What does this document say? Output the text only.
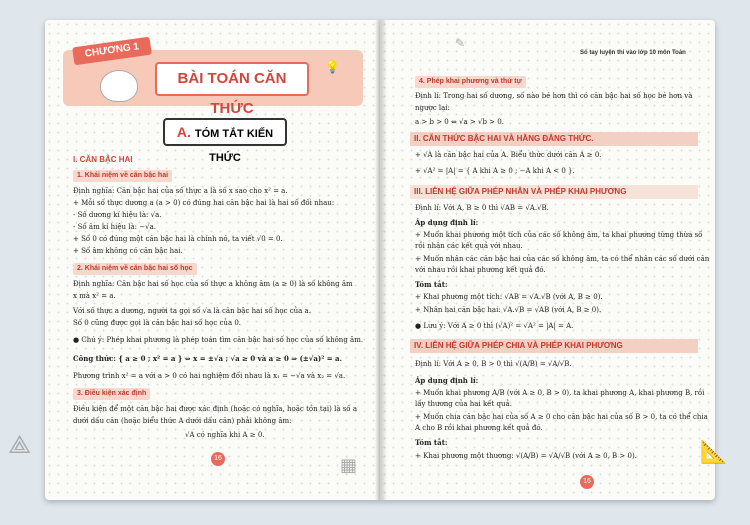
CHƯƠNG 1
BÀI TOÁN CĂN THỨC
💡
A. TÓM TẮT KIẾN THỨC
I. CĂN BẬC HAI
1. Khái niệm về căn bậc hai
Định nghĩa: Căn bậc hai của số thực a là số x sao cho x² = a.
+ Mỗi số thực dương a (a > 0) có đúng hai căn bậc hai là hai số đối nhau:
- Số dương kí hiệu là: √a.
- Số âm kí hiệu là: −√a.
+ Số 0 có đúng một căn bậc hai là chính nó, ta viết √0 = 0.
+ Số âm không có căn bậc hai.
2. Khái niệm về căn bậc hai số học
Định nghĩa: Căn bậc hai số học của số thực a không âm (a ≥ 0) là số không âm
x mà x² = a.
Với số thực a dương, người ta gọi số √a là căn bậc hai số học của a.
Số 0 cũng được gọi là căn bậc hai số học của 0.
● Chú ý: Phép khai phương là phép toán tìm căn bậc hai số học của số không âm.
Công thức: { a ≥ 0 ; x² = a } ⇔ x = ±√a ; √a ≥ 0 và a ≥ 0 ⇒ (±√a)² = a.
Phương trình x² = a với a > 0 có hai nghiệm đối nhau là x₁ = −√a và x₂ = √a.
3. Điều kiện xác định
Điều kiện để một căn bậc hai được xác định (hoặc có nghĩa, hoặc tồn tại) là số a
dưới dấu căn (hoặc biểu thức A dưới dấu căn) phải không âm:
√A có nghĩa khi A ≥ 0.
16
Sổ tay luyện thi vào lớp 10 môn Toán
✎
4. Phép khai phương và thứ tự
Định lí: Trong hai số dương, số nào bé hơn thì có căn bậc hai số học bé hơn và
ngược lại:
a > b > 0 ⇔ √a > √b > 0.
II. CĂN THỨC BẬC HAI VÀ HẰNG ĐẲNG THỨC.
+ √A là căn bậc hai của A. Biểu thức dưới căn A ≥ 0.
+ √A² = |A| = { A khi A ≥ 0 ; −A khi A < 0 }.
III. LIÊN HỆ GIỮA PHÉP NHÂN VÀ PHÉP KHAI PHƯƠNG
Định lí: Với A, B ≥ 0 thì √AB = √A.√B.
Áp dụng định lí:
+ Muốn khai phương một tích của các số không âm, ta khai phương từng thừa số
rồi nhân các kết quả với nhau.
+ Muốn nhân các căn bậc hai của các số không âm, ta có thể nhân các số dưới căn
với nhau rồi khai phương kết quả đó.
Tóm tắt:
+ Khai phương một tích: √AB = √A.√B (với A, B ≥ 0).
+ Nhân hai căn bậc hai: √A.√B = √AB (với A, B ≥ 0).
● Lưu ý: Với A ≥ 0 thì (√A)² = √A² = |A| = A.
IV. LIÊN HỆ GIỮA PHÉP CHIA VÀ PHÉP KHAI PHƯƠNG
Định lí: Với A ≥ 0, B > 0 thì √(A/B) = √A/√B.
Áp dụng định lí:
+ Muốn khai phương A/B (với A ≥ 0, B > 0), ta khai phương A, khai phương B, rồi
lấy thương của hai kết quả.
+ Muốn chia căn bậc hai của số A ≥ 0 cho căn bậc hai của số B > 0, ta có thể chia
A cho B rồi khai phương kết quả đó.
Tóm tắt:
+ Khai phương một thương: √(A/B) = √A/√B (với A ≥ 0, B > 0).
16
⟁	📐
▦
